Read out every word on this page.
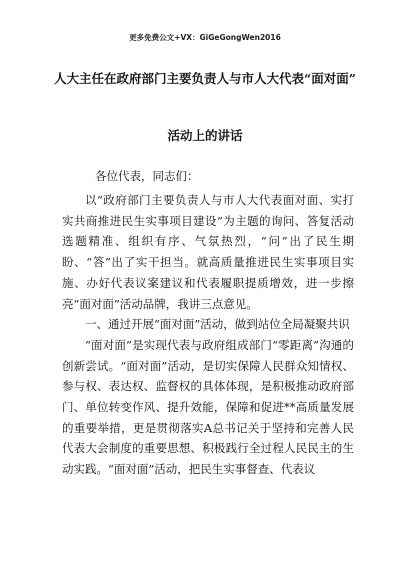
更多免费公文+VX：GiGeGongWen2016
人大主任在政府部门主要负责人与市人大代表“面对面”
活动上的讲话
各位代表，同志们：

以“政府部门主要负责人与市人大代表面对面、实打实共商推进民生实事项目建设”为主题的询问、答复活动选题精准、组织有序、气氛热烈，“问”出了民生期盼、“答”出了实干担当。就高质量推进民生实事项目实施、办好代表议案建议和代表履职提质增效，进一步擦亮“面对面”活动品牌，我讲三点意见。

一、通过开展“面对面”活动，做到站位全局凝聚共识

“面对面”是实现代表与政府组成部门“零距离”沟通的创新尝试。“面对面”活动，是切实保障人民群众知情权、参与权、表达权、监督权的具体体现，是积极推动政府部门、单位转变作风、提升效能，保障和促进**高质量发展的重要举措，更是贯彻落实A总书记关于坚持和完善人民代表大会制度的重要思想、积极践行全过程人民民主的生动实践。“面对面”活动，把民生实事督查、代表议
